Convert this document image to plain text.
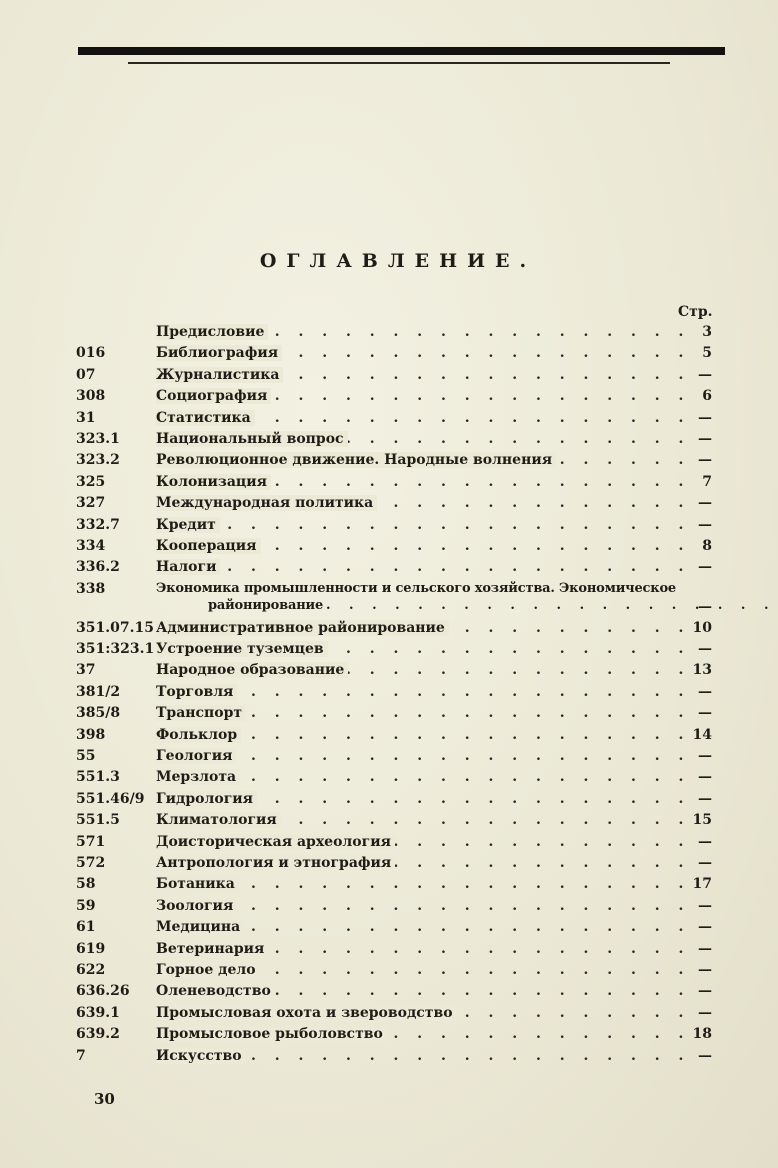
ОГЛАВЛЕНИЕ.
Стр.
Предисловие . . .	3
016	Библиография . . .	5
07	Журналистика . . .	—
308	Социография . . .	6
31	Статистика . . .	—
323.1	Национальный вопрос . . .	—
323.2	Революционное движение. Народные волнения . . .	—
325	Колонизация . . .	7
327	Международная политика . . .	—
332.7	Кредит . . .	—
334	Кооперация . . .	8
336.2	Налоги . . .	—
338	Экономика промышленности и сельского хозяйства. Экономическое
районирование . . .	—
351.07.15 Административное районирование . . .	10
351:323.1 Устроение туземцев . . .	—
37	Народное образование . . .	13
381/2	Торговля . . .	—
385/8	Транспорт . . .	—
398	Фольклор . . .	14
55	Геология . . .	—
551.3	Мерзлота . . .	—
551.46/9 Гидрология . . .	—
551.5	Климатология . . .	15
571	Доисторическая археология . . .	—
572	Антропология и этнография . . .	—
58	Ботаника . . .	17
59	Зоология . . .	—
61	Медицина . . .	—
619	Ветеринария . . .	—
622	Горное дело . . .	—
636.26 Оленеводство . . .	—
639.1	Промысловая охота и звероводство . . .	—
639.2	Промысловое рыболовство . . .	18
7	Искусство . . .	—
30
